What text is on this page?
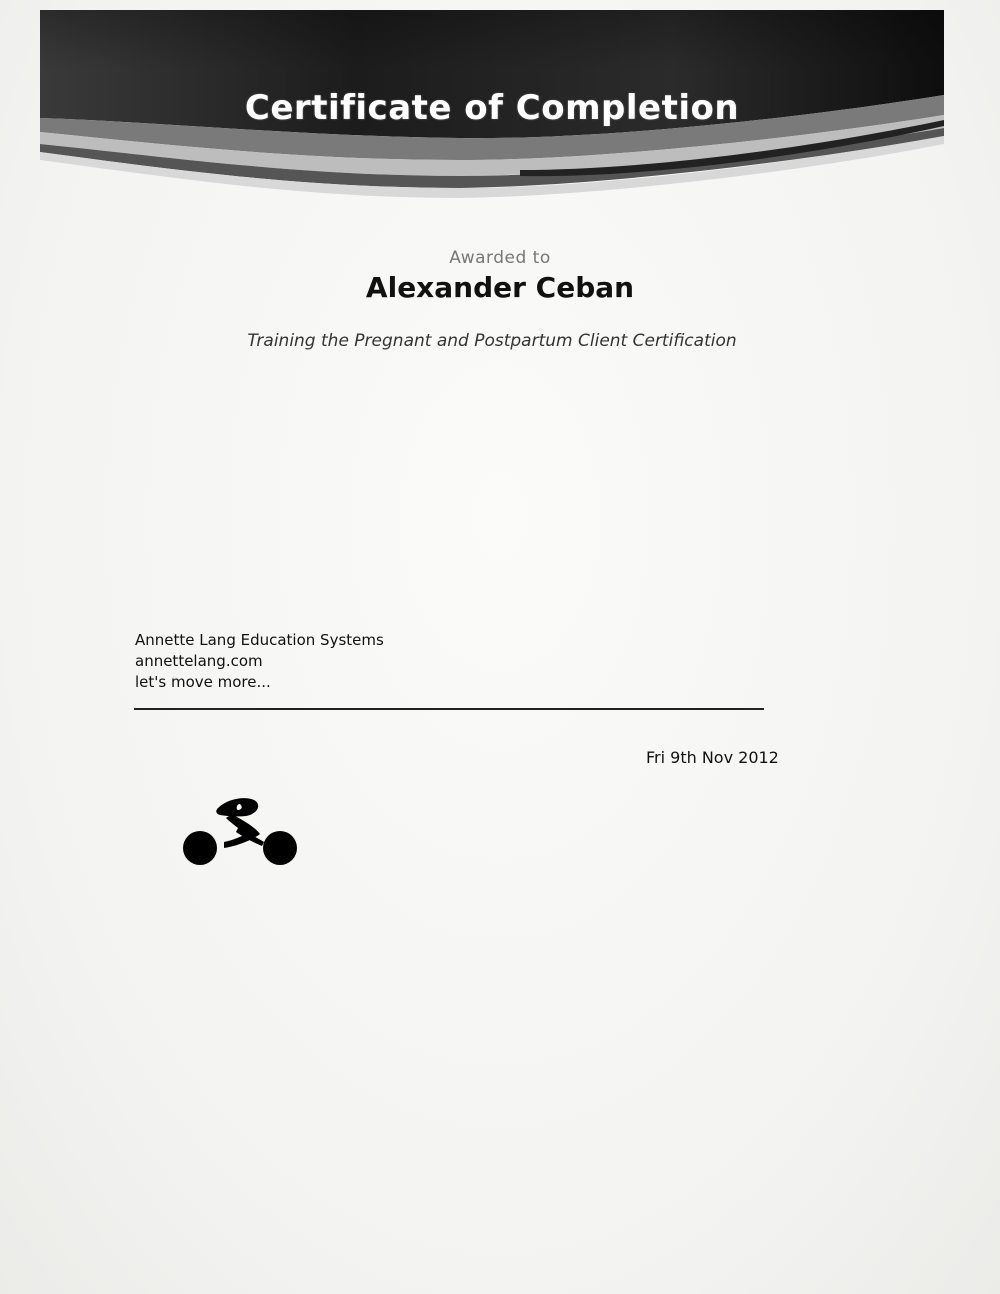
Certificate of Completion
Awarded to
Alexander Ceban
Training the Pregnant and Postpartum Client Certification
Annette Lang Education Systems
annettelang.com
let's move more...
Fri 9th Nov 2012
